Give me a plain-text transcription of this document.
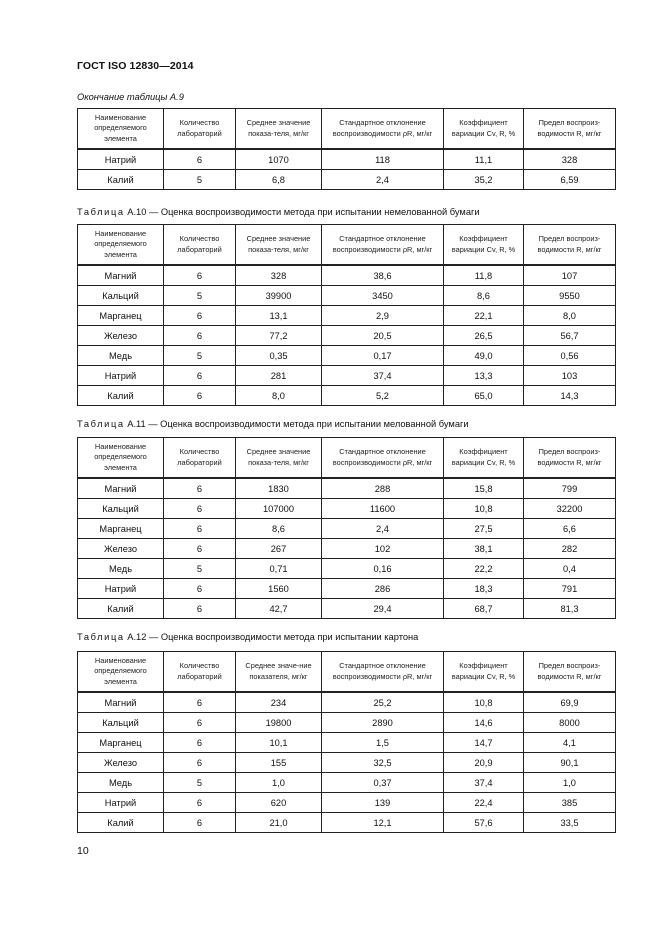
ГОСТ ISO 12830—2014
Окончание таблицы А.9
Наименование определяемого элемента	Количество лабораторий	Среднее значение показа-теля, мг/кг	Стандартное отклонение воспроизводимости ρR, мг/кг	Коэффициент вариации Cv, R, %	Предел воспроиз-водимости R, мг/кг
Натрий	6	1070	118	11,1	328
Калий	5	6,8	2,4	35,2	6,59
Таблица А.10 — Оценка воспроизводимости метода при испытании немелованной бумаги
Наименование определяемого элемента	Количество лабораторий	Среднее значение показа-теля, мг/кг	Стандартное отклонение воспроизводимости ρR, мг/кг	Коэффициент вариации Cv, R, %	Предел воспроиз-водимости R, мг/кг
Магний	6	328	38,6	11,8	107
Кальций	5	39900	3450	8,6	9550
Марганец	6	13,1	2,9	22,1	8,0
Железо	6	77,2	20,5	26,5	56,7
Медь	5	0,35	0,17	49,0	0,56
Натрий	6	281	37,4	13,3	103
Калий	6	8,0	5,2	65,0	14,3
Таблица А.11 — Оценка воспроизводимости метода при испытании мелованной бумаги
Наименование определяемого элемента	Количество лабораторий	Среднее значение показа-теля, мг/кг	Стандартное отклонение воспроизводимости ρR, мг/кг	Коэффициент вариации Cv, R, %	Предел воспроиз-водимости R, мг/кг
Магний	6	1830	288	15,8	799
Кальций	6	107000	11600	10,8	32200
Марганец	6	8,6	2,4	27,5	6,6
Железо	6	267	102	38,1	282
Медь	5	0,71	0,16	22,2	0,4
Натрий	6	1560	286	18,3	791
Калий	6	42,7	29,4	68,7	81,3
Таблица А.12 — Оценка воспроизводимости метода при испытании картона
Наименование определяемого элемента	Количество лабораторий	Среднее значе-ние показателя, мг/кг	Стандартное отклонение воспроизводимости ρR, мг/кг	Коэффициент вариации Cv, R, %	Предел воспроиз-водимости R, мг/кг
Магний	6	234	25,2	10,8	69,9
Кальций	6	19800	2890	14,6	8000
Марганец	6	10,1	1,5	14,7	4,1
Железо	6	155	32,5	20,9	90,1
Медь	5	1,0	0,37	37,4	1,0
Натрий	6	620	139	22,4	385
Калий	6	21,0	12,1	57,6	33,5
10
